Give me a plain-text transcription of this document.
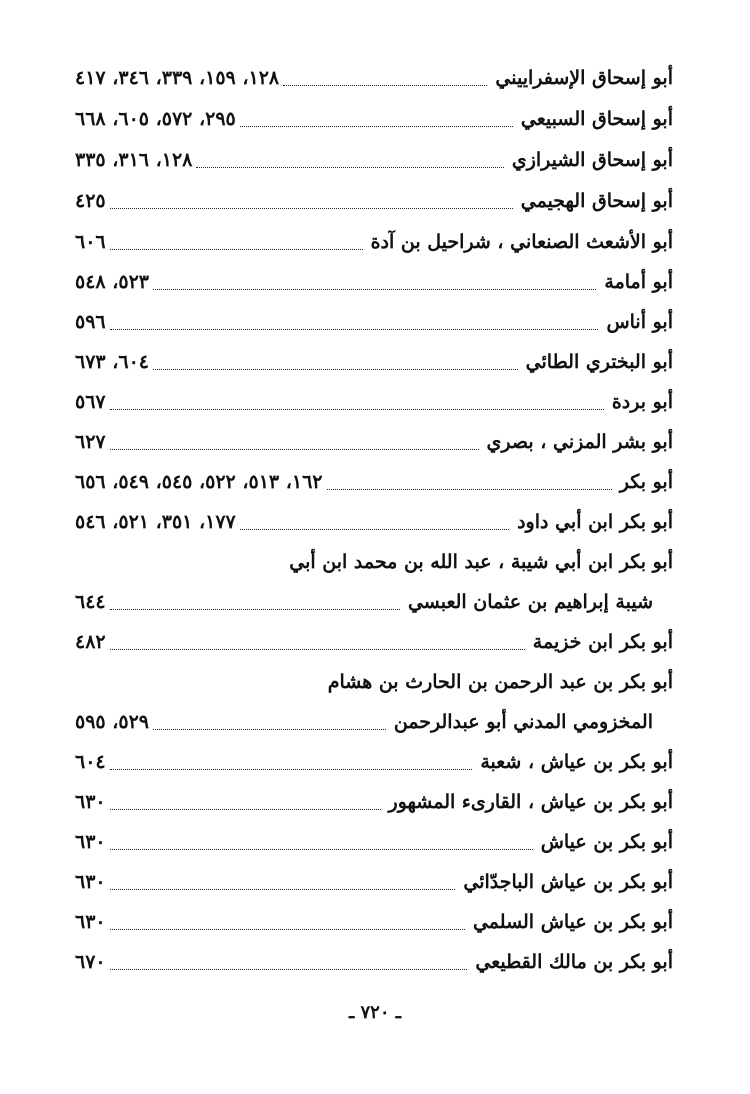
أبو إسحاق الإسفراييني
١٢٨، ١٥٩، ٣٣٩، ٣٤٦، ٤١٧
أبو إسحاق السبيعي
٢٩٥، ٥٧٢، ٦٠٥، ٦٦٨
أبو إسحاق الشيرازي
١٢٨، ٣١٦، ٣٣٥
أبو إسحاق الهجيمي
٤٢٥
أبو الأشعث الصنعاني ، شراحيل بن آدة
٦٠٦
أبو أمامة
٥٢٣، ٥٤٨
أبو أناس
٥٩٦
أبو البختري الطائي
٦٠٤، ٦٧٣
أبو بردة
٥٦٧
أبو بشر المزني ، بصري
٦٢٧
أبو بكر
١٦٢، ٥١٣، ٥٢٢، ٥٤٥، ٥٤٩، ٦٥٦
أبو بكر ابن أبي داود
١٧٧، ٣٥١، ٥٢١، ٥٤٦
أبو بكر ابن أبي شيبة ، عبد الله بن محمد ابن أبي
شيبة إبراهيم بن عثمان العبسي
٦٤٤
أبو بكر ابن خزيمة
٤٨٢
أبو بكر بن عبد الرحمن بن الحارث بن هشام
المخزومي المدني أبو عبدالرحمن
٥٢٩، ٥٩٥
أبو بكر بن عياش ، شعبة
٦٠٤
أبو بكر بن عياش ، القارىء المشهور
٦٣٠
أبو بكر بن عياش
٦٣٠
أبو بكر بن عياش الباجدّائي
٦٣٠
أبو بكر بن عياش السلمي
٦٣٠
أبو بكر بن مالك القطيعي
٦٧٠
ـ ٧٢٠ ـ
